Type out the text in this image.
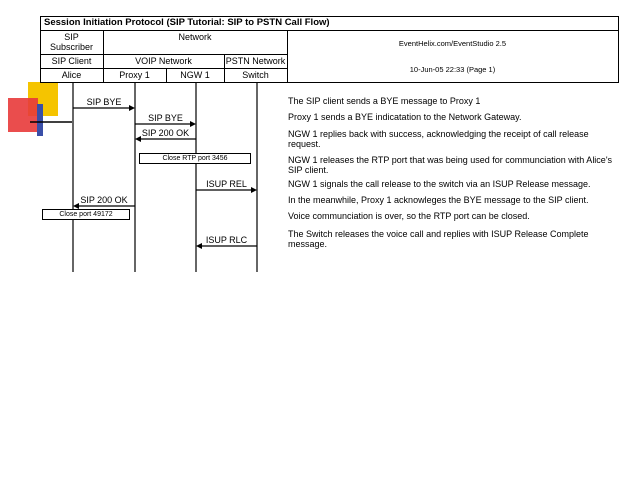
Session Initiation Protocol (SIP Tutorial: SIP to PSTN Call Flow)
SIP
Subscriber
Network
SIP Client	VOIP Network	PSTN Network
Alice	Proxy 1	NGW 1	Switch
EventHelix.com/EventStudio 2.5
10-Jun-05 22:33 (Page 1)
SIP BYE
SIP BYE
SIP 200 OK
ISUP REL
SIP 200 OK
ISUP RLC
Close RTP port 3456
Close port 49172
The SIP client sends a BYE message to Proxy 1
Proxy 1 sends a BYE indicatation to the Network Gateway.
NGW 1 replies back with success, acknowledging the receipt of call release request.
NGW 1 releases the RTP port that was being used for communciation with Alice's SIP client.
NGW 1 signals the call release to the switch via an ISUP Release message.
In the meanwhile, Proxy 1 acknowleges the BYE message to the SIP client.
Voice communciation is over, so the RTP port can be closed.
The Switch releases the voice call and replies with ISUP Release Complete message.
